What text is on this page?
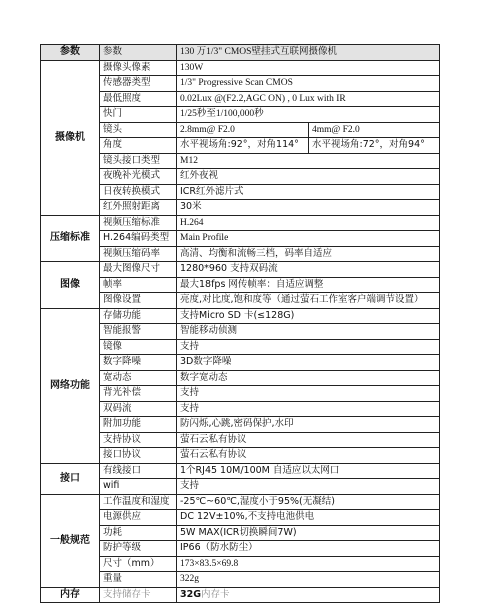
参数	参数	130 万1/3" CMOS壁挂式互联网摄像机	
摄像机	摄像头像素	130W	
	传感器类型	1/3" Progressive Scan CMOS	
	最低照度	0.02Lux @(F2.2,AGC ON) , 0 Lux with IR	
	快门	1/25秒至1/100,000秒	
	镜头	2.8mm@ F2.0	4mm@ F2.0
	角度	水平视场角:92°，对角114°	水平视场角:72°，对角94°
	镜头接口类型	M12	
	夜晚补光模式	红外夜视	
	日夜转换模式	ICR红外滤片式	
	红外照射距离	30米	
压缩标准	视频压缩标准	H.264	
	H.264编码类型	Main Profile	
	视频压缩码率	高清、均衡和流畅三档，码率自适应	
图像	最大图像尺寸	1280*960 支持双码流	
	帧率	最大18fps 网传帧率：自适应调整	
	图像设置	亮度,对比度,饱和度等（通过萤石工作室客户端调节设置）	
网络功能	存储功能	支持Micro SD 卡(≤128G)	
	智能报警	智能移动侦测	
	镜像	支持	
	数字降噪	3D数字降噪	
	宽动态	数字宽动态	
	背光补偿	支持	
	双码流	支持	
	附加功能	防闪烁,心跳,密码保护,水印	
	支持协议	萤石云私有协议	
	接口协议	萤石云私有协议	
接口	有线接口	1个RJ45 10M/100M 自适应以太网口	
	wifi	支持	
一般规范	工作温度和湿度	-25℃~60℃,湿度小于95%(无凝结)	
	电源供应	DC 12V±10%,不支持电池供电	
	功耗	5W MAX(ICR切换瞬间7W)	
	防护等级	IP66（防水防尘）	
	尺寸（mm）	173×83.5×69.8	
	重量	322g	
内存	支持储存卡	32G内存卡	
